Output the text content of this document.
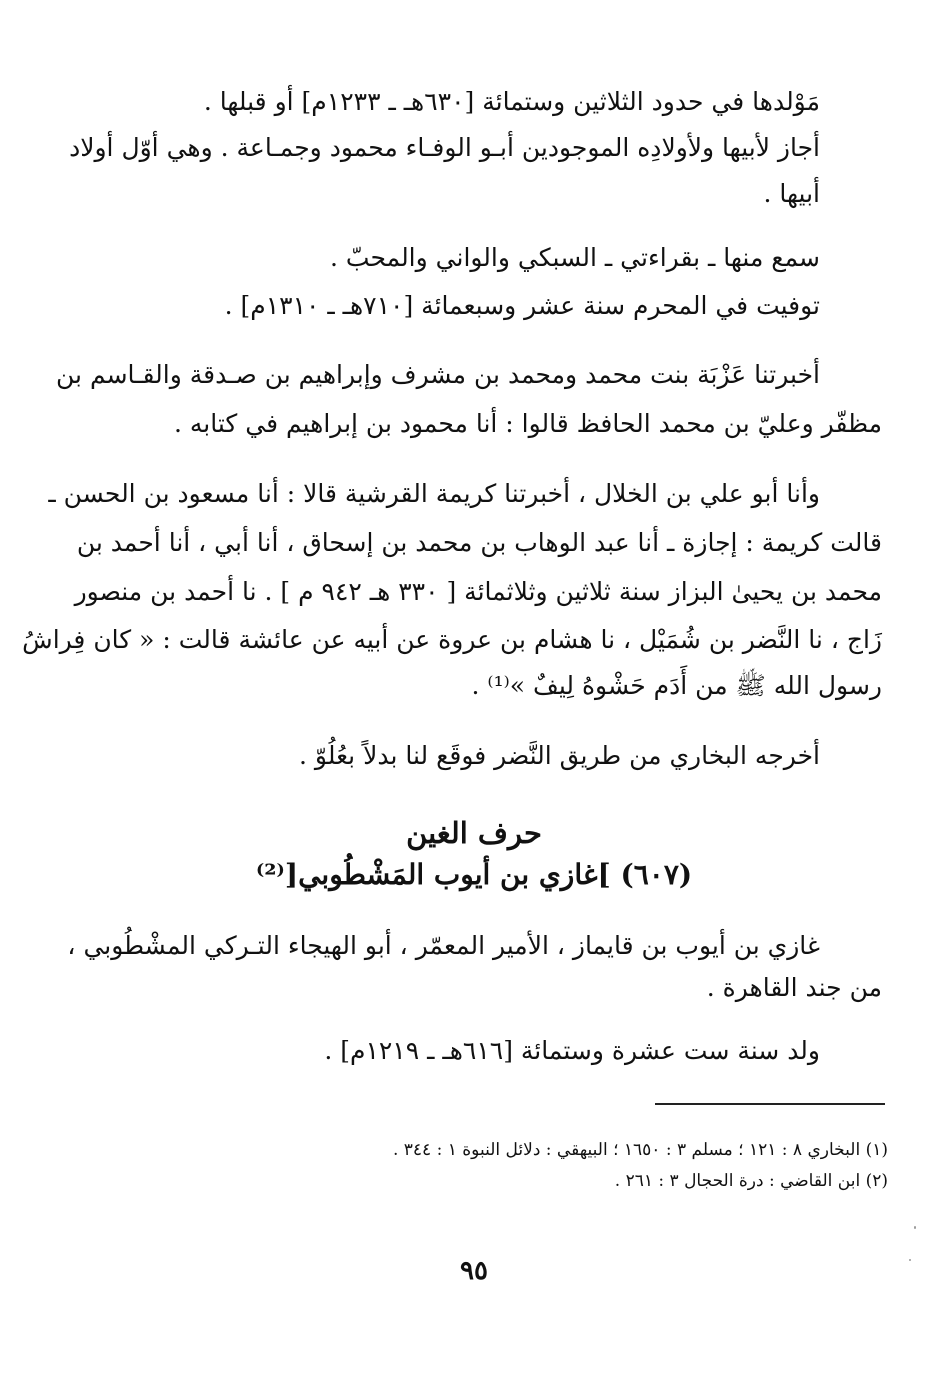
مَوْلدها في حدود الثلاثين وستمائة [٦٣٠هـ ـ ١٢٣٣م] أو قبلها .
أجاز لأبيها ولأولادِه الموجودين أبـو الوفـاء محمود وجمـاعة . وهي أوّل أولاد
أبيها .
سمع منها ـ بقراءتي ـ السبكي والواني والمحبّ .
توفيت في المحرم سنة عشر وسبعمائة [٧١٠هـ ـ ١٣١٠م] .
أخبرتنا عَزْبَة بنت محمد ومحمد بن مشرف وإبراهيم بن صـدقة والقـاسم بن
مظفّر وعليّ بن محمد الحافظ قالوا : أنا محمود بن إبراهيم في كتابه .
وأنا أبو علي بن الخلال ، أخبرتنا كريمة القرشية قالا : أنا مسعود بن الحسن ـ
قالت كريمة : إجازة ـ أنا عبد الوهاب بن محمد بن إسحاق ، أنا أبي ، أنا أحمد بن
محمد بن يحيىٰ البزاز سنة ثلاثين وثلاثمائة [ ٣٣٠ هـ ٩٤٢ م ] . نا أحمد بن منصور
زَاج ، نا النَّضر بن شُمَيْل ، نا هشام بن عروة عن أبيه عن عائشة قالت : « كان فِراشُ
رسول الله ﷺ من أَدَم حَشْوهُ لِيفٌ »⁽¹⁾ .
أخرجه البخاري من طريق النَّضر فوقَع لنا بدلاً بعُلُوّ .
حرف الغين
(٦٠٧) ]غازي بن أيوب المَشْطُوبي[⁽²⁾
غازي بن أيوب بن قايماز ، الأمير المعمّر ، أبو الهيجاء التـركي المشْطُوبي ،
من جند القاهرة .
ولد سنة ست عشرة وستمائة [٦١٦هـ ـ ١٢١٩م] .
(١) البخاري ٨ : ١٢١ ؛ مسلم ٣ : ١٦٥٠ ؛ البيهقي : دلائل النبوة ١ : ٣٤٤ .
(٢) ابن القاضي : درة الحجال ٣ : ٢٦١ .
٩٥
